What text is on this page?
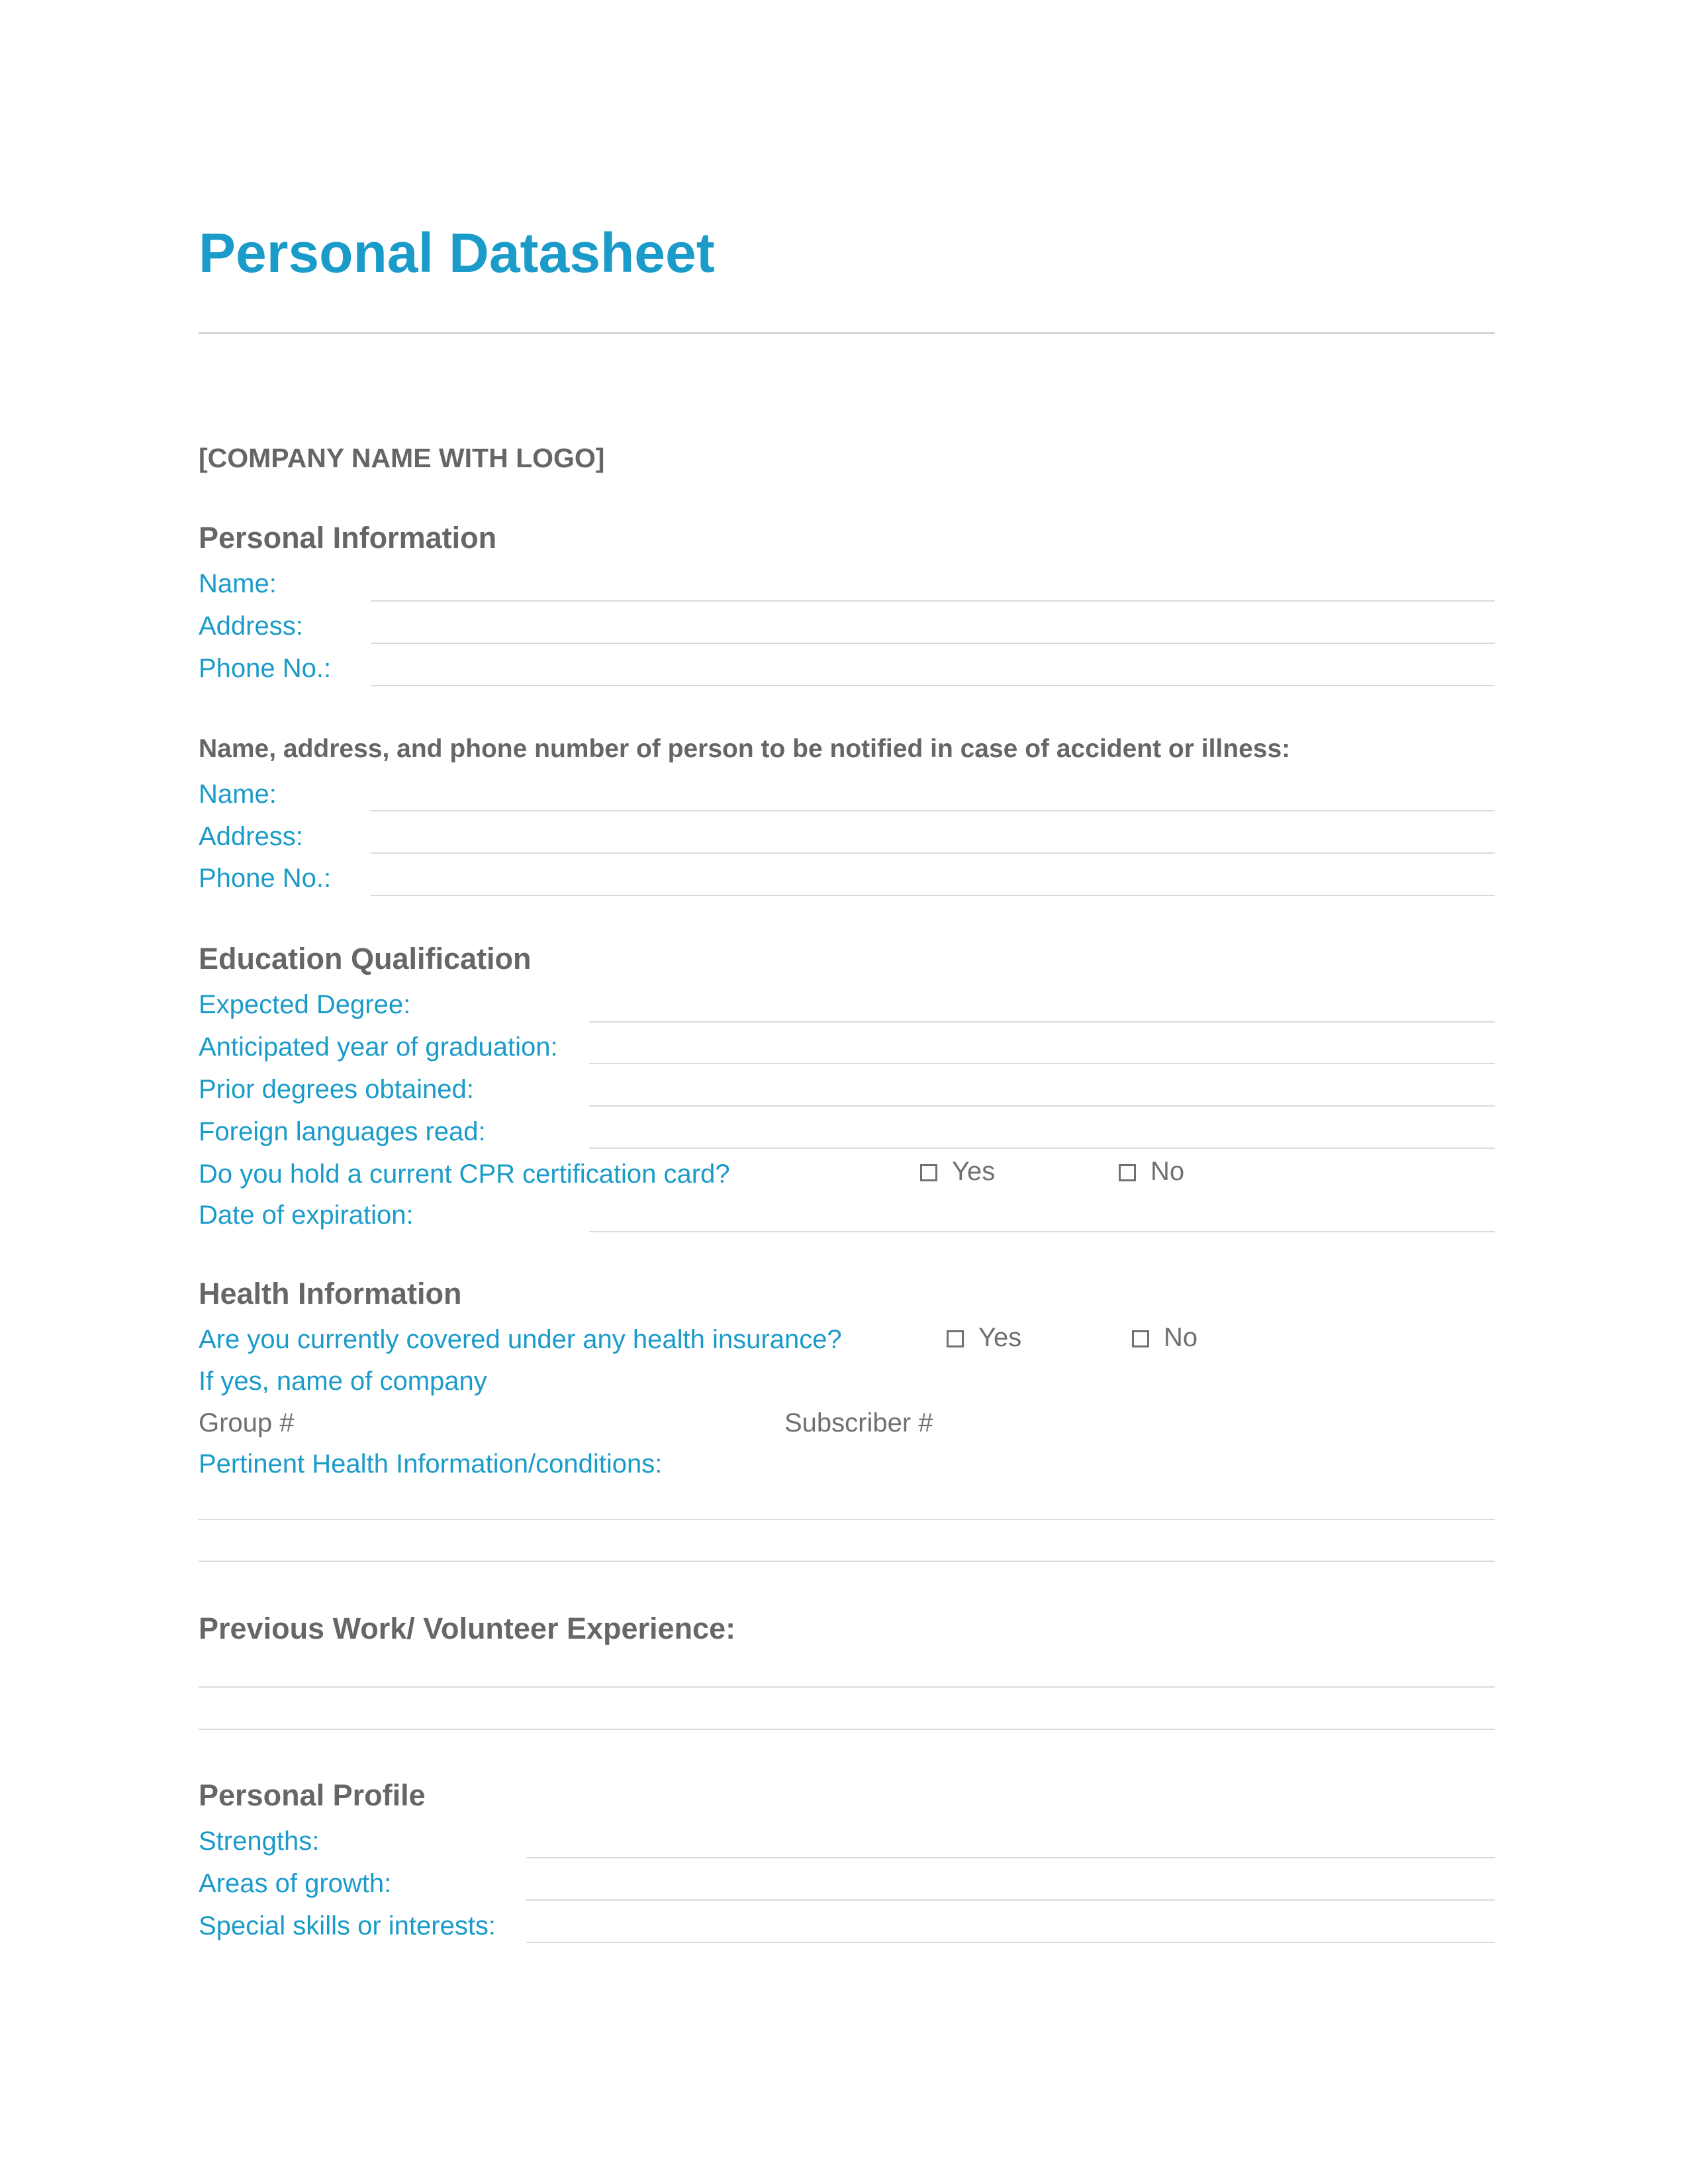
Personal Datasheet
[COMPANY NAME WITH LOGO]
Personal Information
Name:
Address:
Phone No.:
Name, address, and phone number of person to be notified in case of accident or illness:
Name:
Address:
Phone No.:
Education Qualification
Expected Degree:
Anticipated year of graduation:
Prior degrees obtained:
Foreign languages read:
Do you hold a current CPR certification card?	Yes	No
Date of expiration:
Health Information
Are you currently covered under any health insurance?	Yes	No
If yes, name of company
Group #	Subscriber #
Pertinent Health Information/conditions:
Previous Work/ Volunteer Experience:
Personal Profile
Strengths:
Areas of growth:
Special skills or interests:
